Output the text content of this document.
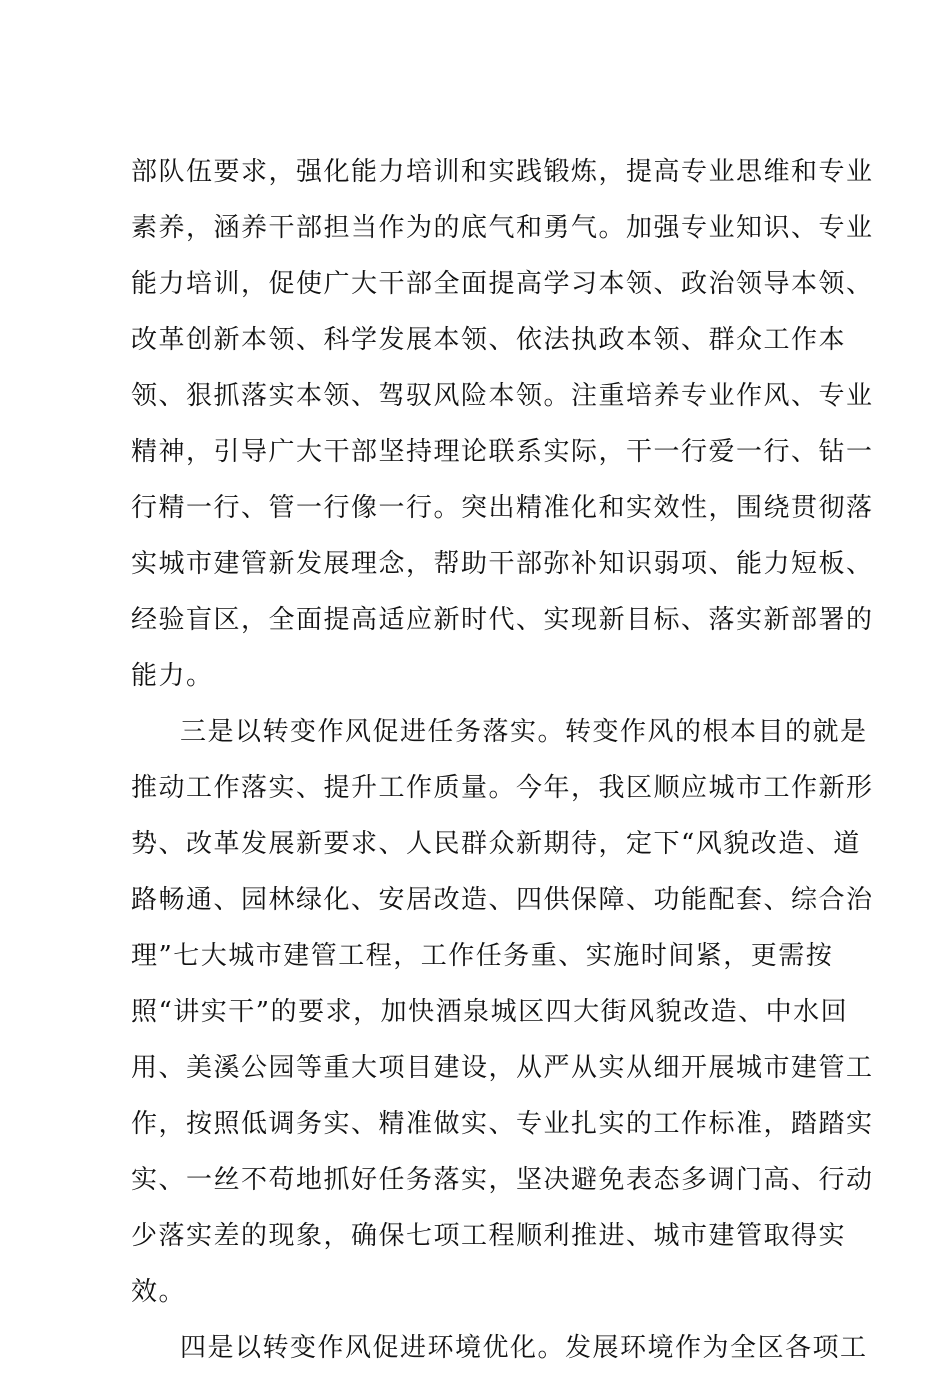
部队伍要求，强化能力培训和实践锻炼，提高专业思维和专业
素养，涵养干部担当作为的底气和勇气。加强专业知识、专业
能力培训，促使广大干部全面提高学习本领、政治领导本领、
改革创新本领、科学发展本领、依法执政本领、群众工作本
领、狠抓落实本领、驾驭风险本领。注重培养专业作风、专业
精神，引导广大干部坚持理论联系实际，干一行爱一行、钻一
行精一行、管一行像一行。突出精准化和实效性，围绕贯彻落
实城市建管新发展理念，帮助干部弥补知识弱项、能力短板、
经验盲区，全面提高适应新时代、实现新目标、落实新部署的
能力。
三是以转变作风促进任务落实。转变作风的根本目的就是
推动工作落实、提升工作质量。今年，我区顺应城市工作新形
势、改革发展新要求、人民群众新期待，定下“风貌改造、道
路畅通、园林绿化、安居改造、四供保障、功能配套、综合治
理”七大城市建管工程，工作任务重、实施时间紧，更需按
照“讲实干”的要求，加快酒泉城区四大街风貌改造、中水回
用、美溪公园等重大项目建设，从严从实从细开展城市建管工
作，按照低调务实、精准做实、专业扎实的工作标准，踏踏实
实、一丝不苟地抓好任务落实，坚决避免表态多调门高、行动
少落实差的现象，确保七项工程顺利推进、城市建管取得实
效。
四是以转变作风促进环境优化。发展环境作为全区各项工
